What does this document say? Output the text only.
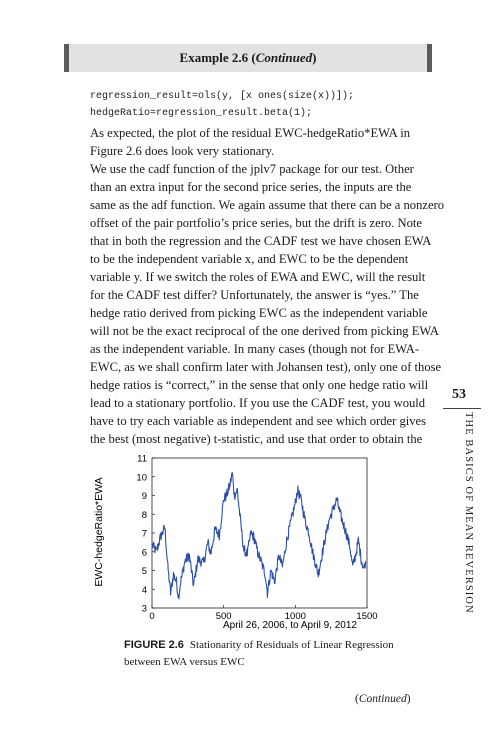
Example 2.6 (Continued)
regression_result=ols(y, [x ones(size(x))]);
hedgeRatio=regression_result.beta(1);

As expected, the plot of the residual EWC-hedgeRatio*EWA in
Figure 2.6 does look very stationary.

We use the cadf function of the jplv7 package for our test. Other
than an extra input for the second price series, the inputs are the
same as the adf function. We again assume that there can be a nonzero
offset of the pair portfolio’s price series, but the drift is zero. Note
that in both the regression and the CADF test we have chosen EWA
to be the independent variable x, and EWC to be the dependent
variable y. If we switch the roles of EWA and EWC, will the result
for the CADF test differ? Unfortunately, the answer is “yes.” The
hedge ratio derived from picking EWC as the independent variable
will not be the exact reciprocal of the one derived from picking EWA
as the independent variable. In many cases (though not for EWA-
EWC, as we shall confirm later with Johansen test), only one of those
hedge ratios is “correct,” in the sense that only one hedge ratio will
lead to a stationary portfolio. If you use the CADF test, you would
have to try each variable as independent and see which order gives
the best (most negative) t-statistic, and use that order to obtain the

53
THE BASICS OF MEAN REVERSION
3
4
5
6
7
8
9
10
11
0	500	1000	1500
EWC-hedgeRatio*EWA
April 26, 2006, to April 9, 2012
FIGURE 2.6 Stationarity of Residuals of Linear Regression between EWA versus EWC
(Continued)
